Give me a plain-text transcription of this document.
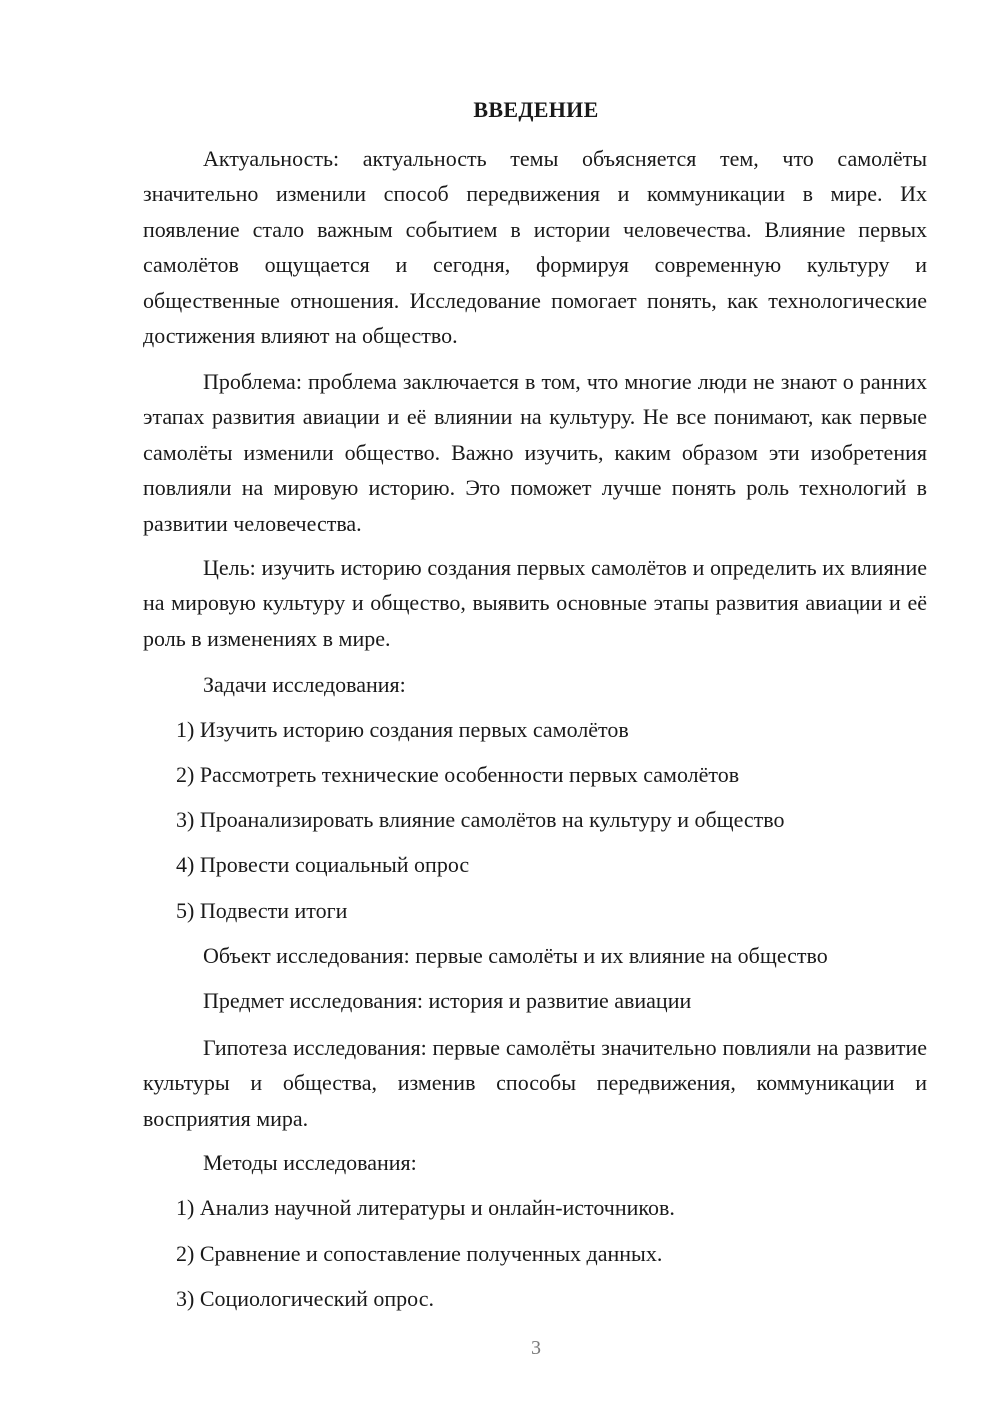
ВВЕДЕНИЕ

Актуальность: актуальность темы объясняется тем, что самолёты значительно изменили способ передвижения и коммуникации в мире. Их появление стало важным событием в истории человечества. Влияние первых самолётов ощущается и сегодня, формируя современную культуру и общественные отношения. Исследование помогает понять, как технологические достижения влияют на общество.

Проблема: проблема заключается в том, что многие люди не знают о ранних этапах развития авиации и её влиянии на культуру. Не все понимают, как первые самолёты изменили общество. Важно изучить, каким образом эти изобретения повлияли на мировую историю. Это поможет лучше понять роль технологий в развитии человечества.

Цель: изучить историю создания первых самолётов и определить их влияние на мировую культуру и общество, выявить основные этапы развития авиации и её роль в изменениях в мире.

Задачи исследования:
1) Изучить историю создания первых самолётов
2) Рассмотреть технические особенности первых самолётов
3) Проанализировать влияние самолётов на культуру и общество
4) Провести социальный опрос
5) Подвести итоги
Объект исследования: первые самолёты и их влияние на общество
Предмет исследования: история и развитие авиации

Гипотеза исследования: первые самолёты значительно повлияли на развитие культуры и общества, изменив способы передвижения, коммуникации и восприятия мира.

Методы исследования:
1) Анализ научной литературы и онлайн-источников.
2) Сравнение и сопоставление полученных данных.
3) Социологический опрос.
3
